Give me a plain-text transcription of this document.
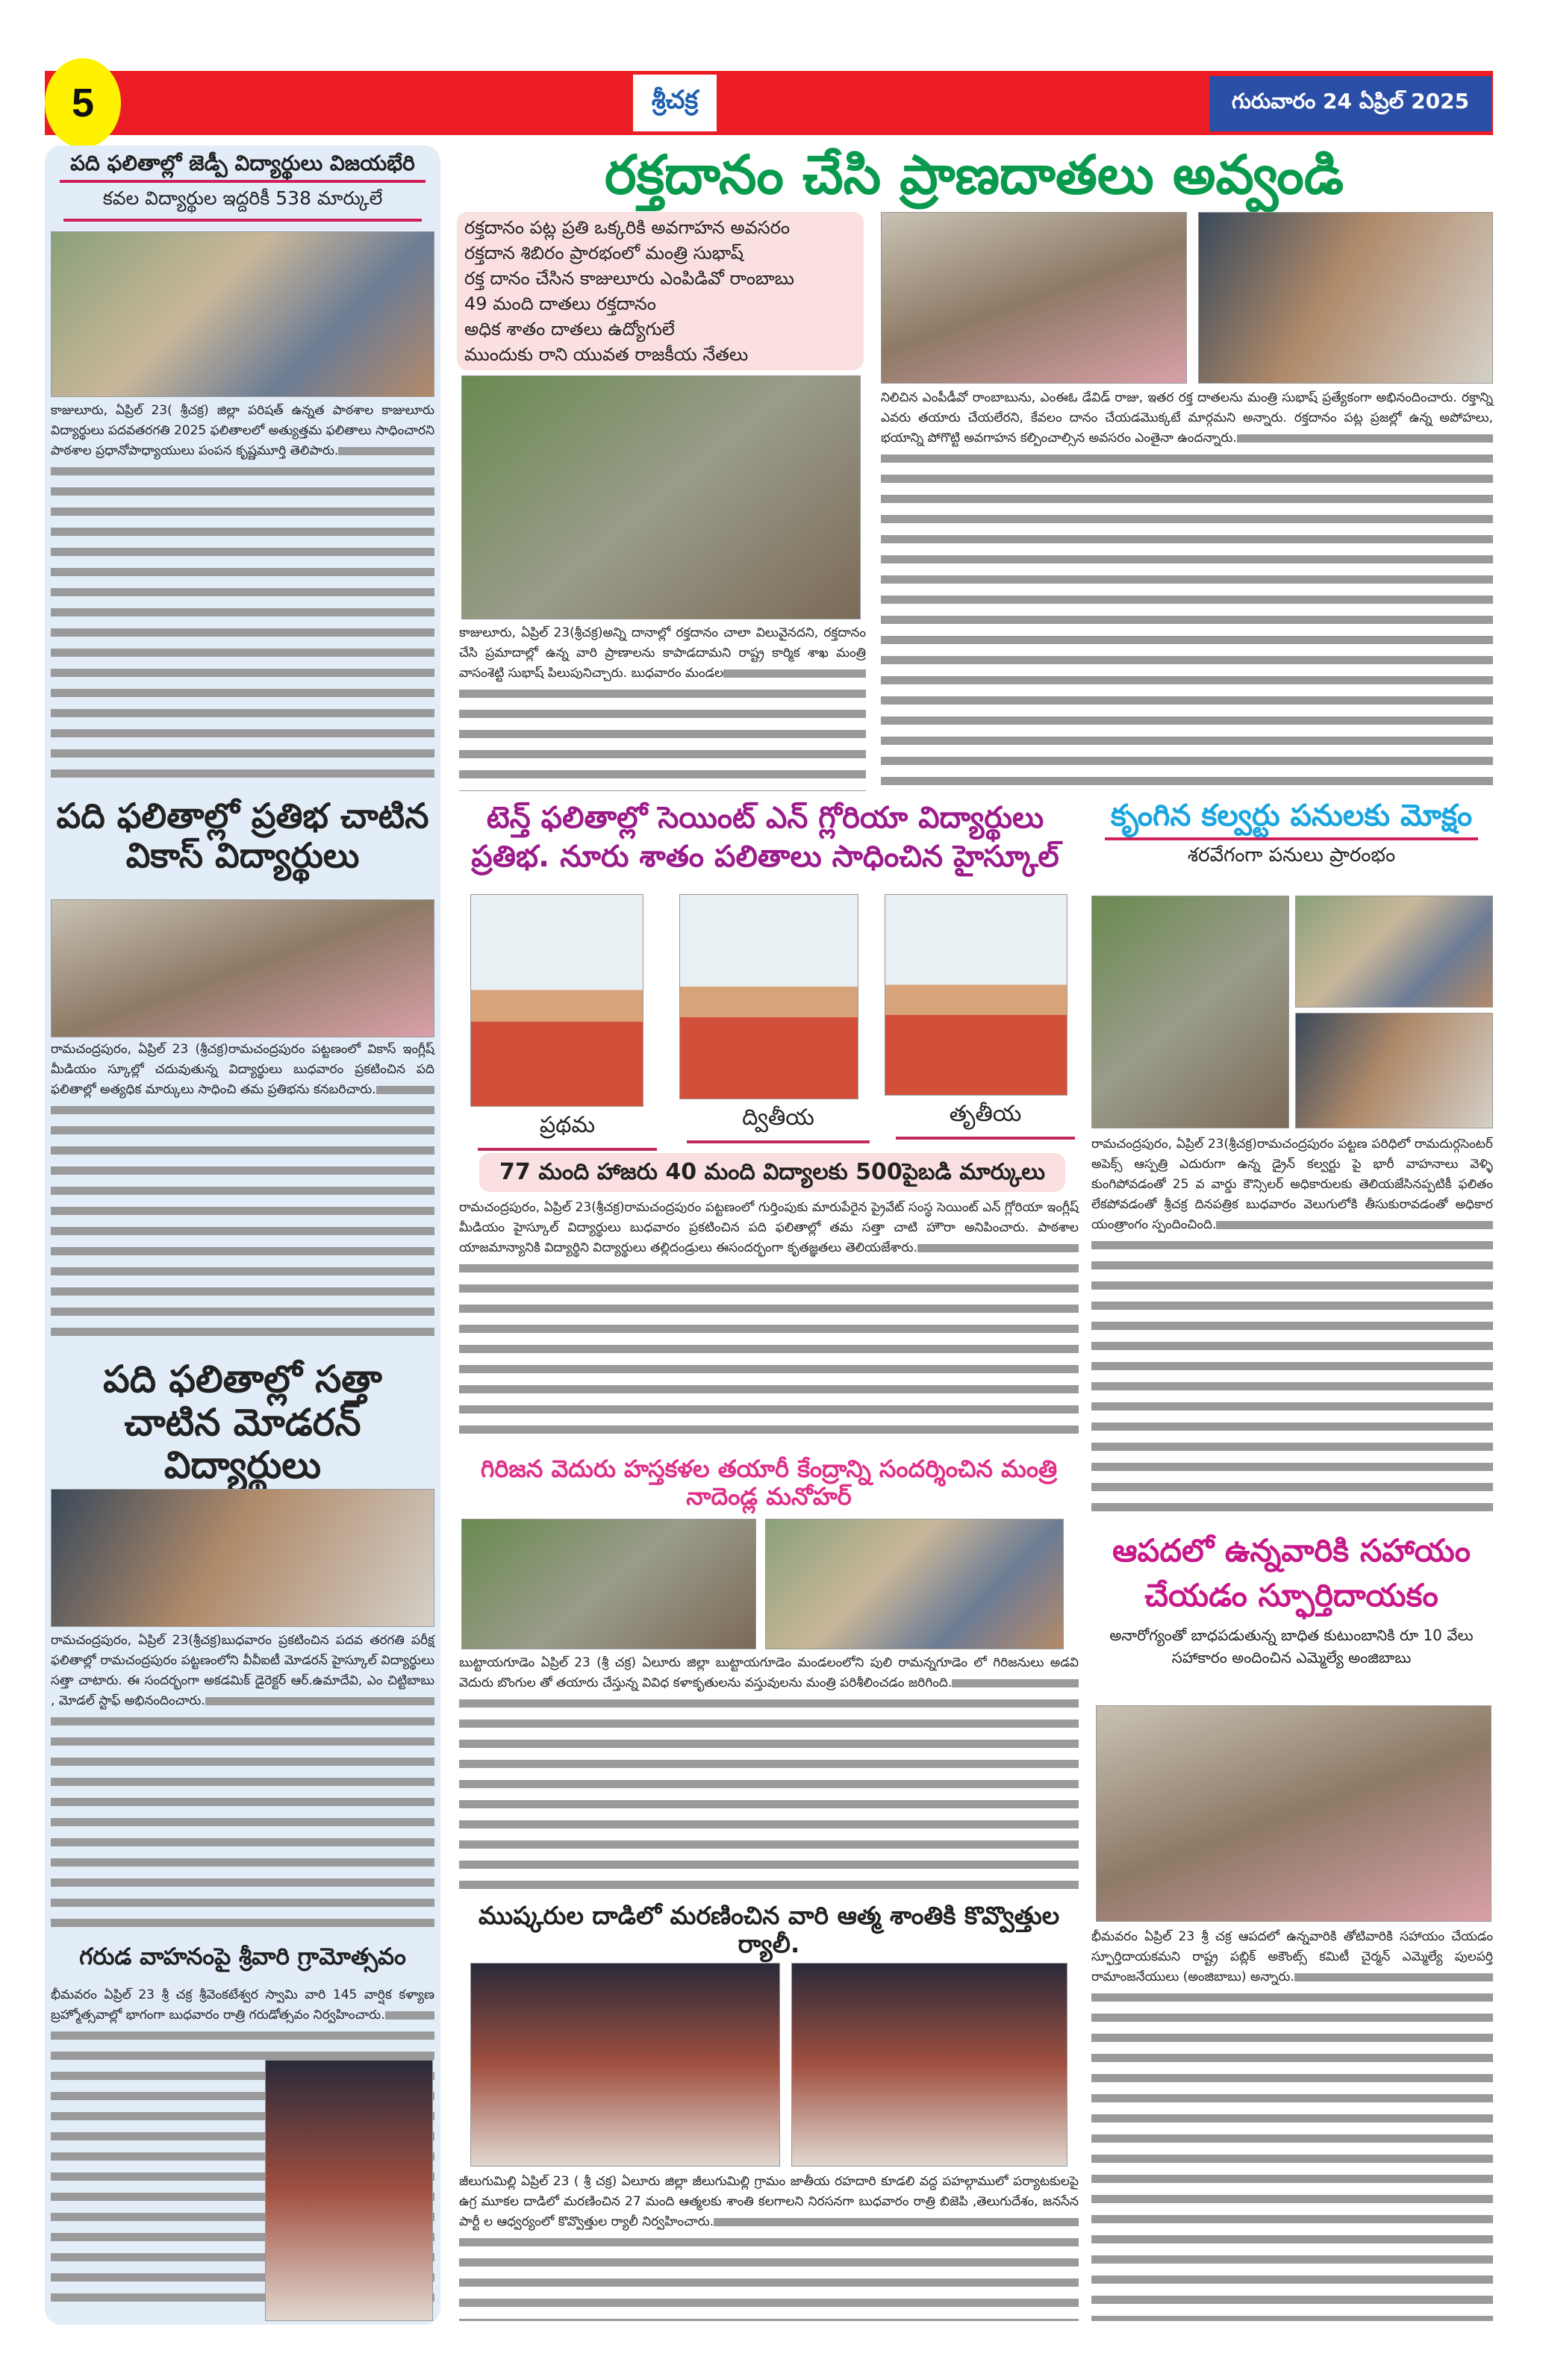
5	శ్రీచక్ర	గురువారం 24 ఏప్రిల్ 2025
పది ఫలితాల్లో జెడ్పీ విద్యార్థులు విజయభేరి
కవల విద్యార్థుల ఇద్దరికీ 538 మార్కులే

కాజులూరు, ఏప్రిల్ 23( శ్రీచక్ర) జిల్లా పరిషత్ ఉన్నత పాఠశాల కాజులూరు విద్యార్థులు పదవతరగతి 2025 ఫలితాలలో అత్యుత్తమ ఫలితాలు సాధించారని పాఠశాల ప్రధానోపాధ్యాయులు పంపన కృష్ణమూర్తి తెలిపారు.

పది ఫలితాల్లో ప్రతిభ చాటిన వికాస్ విద్యార్థులు

రామచంద్రపురం, ఏప్రిల్ 23 (శ్రీచక్ర)రామచంద్రపురం పట్టణంలో వికాస్ ఇంగ్లీష్ మీడియం స్కూల్లో చదువుతున్న విద్యార్థులు బుధవారం ప్రకటించిన పది ఫలితాల్లో అత్యధిక మార్కులు సాధించి తమ ప్రతిభను కనబరిచారు.

పది ఫలితాల్లో సత్తా చాటిన మోడరన్ విద్యార్థులు

రామచంద్రపురం, ఏప్రిల్ 23(శ్రీచక్ర)బుధవారం ప్రకటించిన పదవ తరగతి పరీక్ష ఫలితాల్లో రామచంద్రపురం పట్టణంలోని వీవీఐటీ మోడరన్ హైస్కూల్ విద్యార్థులు సత్తా చాటారు. ఈ సందర్భంగా అకడమిక్ డైరెక్టర్ ఆర్.ఉమాదేవి, ఎం చిట్టిబాబు , మోడల్ స్టాఫ్ అభినందించారు.

గరుడ వాహనంపై శ్రీవారి గ్రామోత్సవం

భీమవరం ఏప్రిల్ 23 శ్రీ చక్ర శ్రీవెంకటేశ్వర స్వామి వారి 145 వార్షిక కళ్యాణ బ్రహ్మోత్సవాల్లో భాగంగా బుధవారం రాత్రి గరుడోత్సవం నిర్వహించారు.

రక్తదానం చేసి ప్రాణదాతలు అవ్వండి
రక్తదానం పట్ల ప్రతి ఒక్కరికి అవగాహన అవసరం
రక్తదాన శిబిరం ప్రారభంలో మంత్రి సుభాష్
రక్త దానం చేసిన కాజులూరు ఎంపిడివో రాంబాబు
49 మంది దాతలు రక్తదానం
అధిక శాతం దాతలు ఉద్యోగులే
ముందుకు రాని యువత రాజకీయ నేతలు

కాజులూరు, ఏప్రిల్ 23(శ్రీచక్ర)అన్ని దానాల్లో రక్తదానం చాలా విలువైనదని, రక్తదానం చేసి ప్రమాదాల్లో ఉన్న వారి ప్రాణాలను కాపాడదామని రాష్ట్ర కార్మిక శాఖ మంత్రి వాసంశెట్టి సుభాష్ పిలుపునిచ్చారు. బుధవారం మండల

నిలిచిన ఎంపీడీవో రాంబాబును, ఎంఈఓ డేవిడ్ రాజు, ఇతర రక్త దాతలను మంత్రి సుభాష్ ప్రత్యేకంగా అభినందించారు. రక్తాన్ని ఎవరు తయారు చేయలేరని, కేవలం దానం చేయడమొక్కటే మార్గమని అన్నారు. రక్తదానం పట్ల ప్రజల్లో ఉన్న అపోహలు, భయాన్ని పోగొట్టి అవగాహన కల్పించాల్సిన అవసరం ఎంతైనా ఉందన్నారు.

టెన్త్ ఫలితాల్లో సెయింట్ ఎన్ గ్లోరియా విద్యార్థులు
ప్రతిభ. నూరు శాతం పలితాలు సాధించిన హైస్కూల్
ప్రథమ	ద్వితీయ	తృతీయ
77 మంది హాజరు 40 మంది విద్యాలకు 500పైబడి మార్కులు

రామచంద్రపురం, ఏప్రిల్ 23(శ్రీచక్ర)రామచంద్రపురం పట్టణంలో గుర్తింపుకు మారుపేరైన ప్రైవేట్ సంస్థ సెయింట్ ఎన్ గ్లోరియా ఇంగ్లీష్ మీడియం హైస్కూల్ విద్యార్థులు బుధవారం ప్రకటించిన పది ఫలితాల్లో తమ సత్తా చాటి హౌరా అనిపించారు. పాఠశాల యాజమాన్యానికి విద్యార్థిని విద్యార్థులు తల్లిదండ్రులు ఈసందర్భంగా కృతజ్ఞతలు తెలియజేశారు.

గిరిజన వెదురు హస్తకళల తయారీ కేంద్రాన్ని సందర్శించిన మంత్రి నాదెండ్ల మనోహర్

బుట్టాయగూడెం ఏప్రిల్ 23 (శ్రీ చక్ర) ఏలూరు జిల్లా బుట్టాయగూడెం మండలంలోని పులి రామన్నగూడెం లో గిరిజనులు అడవి వెదురు బొంగుల తో తయారు చేస్తున్న వివిధ కళాకృతులను వస్తువులను మంత్రి పరిశీలించడం జరిగింది.

ముష్కరుల దాడిలో మరణించిన వారి ఆత్మ శాంతికి కొవ్వొత్తుల ర్యాలీ.

జీలుగుమిల్లి ఏప్రిల్ 23 ( శ్రీ చక్ర) ఏలూరు జిల్లా జీలుగుమిల్లి గ్రామం జాతీయ రహదారి కూడలి వద్ద పహల్గాములో పర్యాటకులపై ఉగ్ర మూకల దాడిలో మరణించిన 27 మంది ఆత్మలకు శాంతి కలగాలని నిరసనగా బుధవారం రాత్రి బిజెపి ,తెలుగుదేశం, జనసేన పార్టీ ల ఆధ్వర్యంలో కొవ్వొత్తుల ర్యాలీ నిర్వహించారు.

కృంగిన కల్వర్టు పనులకు మోక్షం
శరవేగంగా పనులు ప్రారంభం

రామచంద్రపురం, ఏప్రిల్ 23(శ్రీచక్ర)రామచంద్రపురం పట్టణ పరిధిలో రామదుర్గసెంటర్ అపెక్స్ ఆస్పత్రి ఎదురుగా ఉన్న డ్రైన్ కల్వర్టు పై భారీ వాహనాలు వెళ్ళి కుంగిపోవడంతో 25 వ వార్డు కౌన్సిలర్ అధికారులకు తెలియజేసినప్పటికీ ఫలితం లేకపోవడంతో శ్రీచక్ర దినపత్రిక బుధవారం వెలుగులోకి తీసుకురావడంతో అధికార యంత్రాంగం స్పందించింది.

ఆపదలో ఉన్నవారికి సహాయం చేయడం స్ఫూర్తిదాయకం
అనారోగ్యంతో బాధపడుతున్న బాధిత కుటుంబానికి రూ 10 వేలు సహాకారం అందించిన ఎమ్మెల్యే అంజిబాబు

భీమవరం ఏప్రిల్ 23 శ్రీ చక్ర ఆపదలో ఉన్నవారికి తోటివారికి సహాయం చేయడం స్ఫూర్తిదాయకమని రాష్ట్ర పబ్లిక్ అకౌంట్స్ కమిటీ చైర్మన్ ఎమ్మెల్యే పులపర్తి రామాంజనేయులు (అంజిబాబు) అన్నారు.
